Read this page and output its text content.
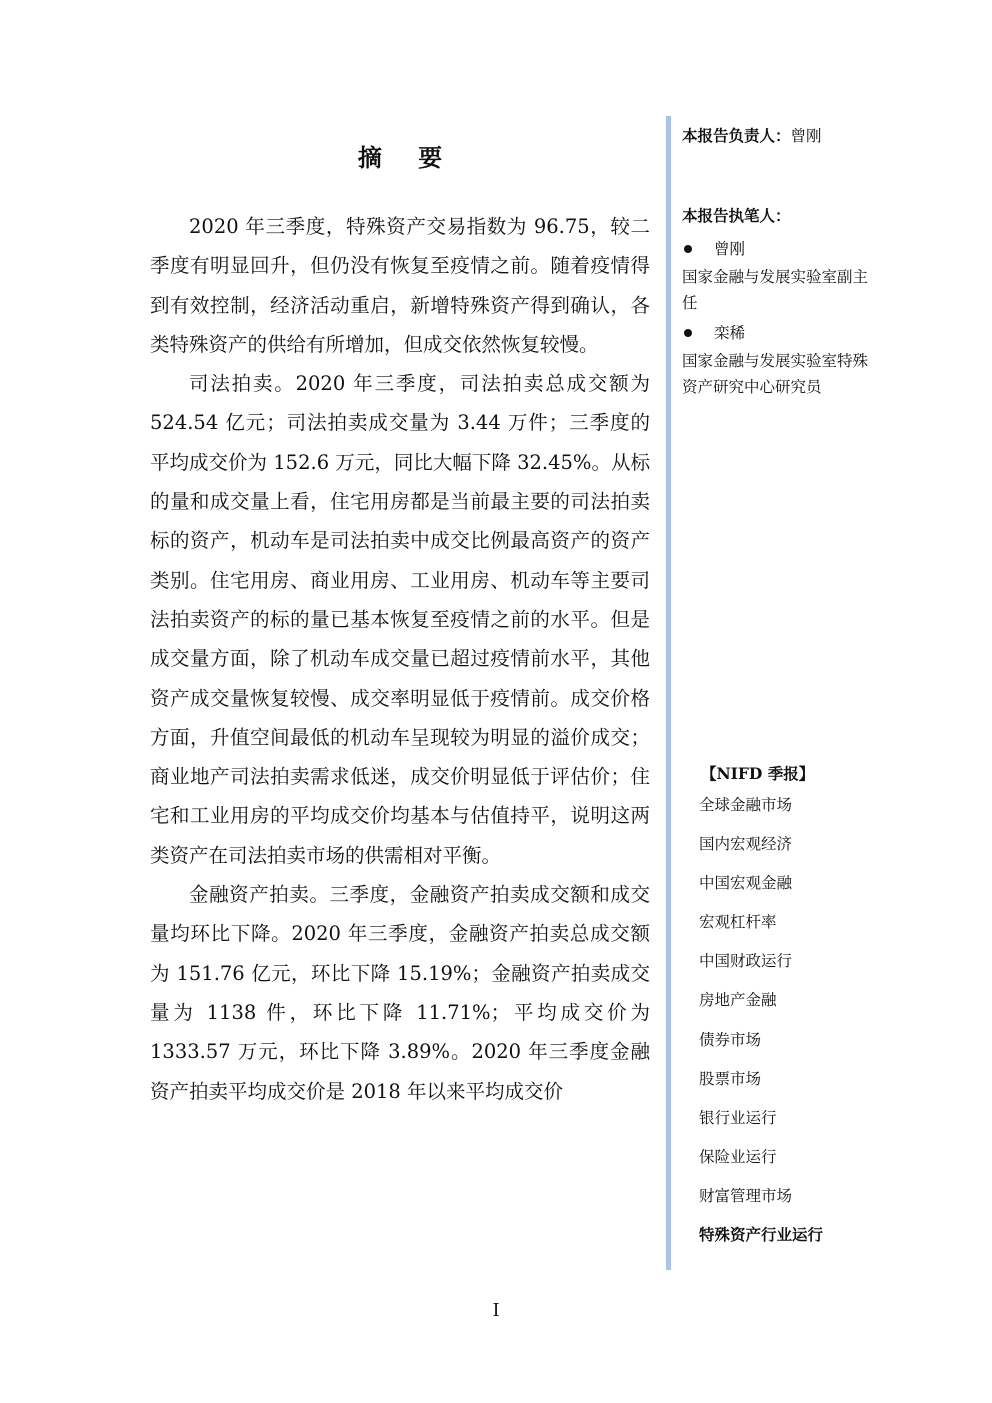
摘 要

2020 年三季度，特殊资产交易指数为 96.75，较二季度有明显回升，但仍没有恢复至疫情之前。随着疫情得到有效控制，经济活动重启，新增特殊资产得到确认，各类特殊资产的供给有所增加，但成交依然恢复较慢。

司法拍卖。2020 年三季度，司法拍卖总成交额为 524.54 亿元；司法拍卖成交量为 3.44 万件；三季度的平均成交价为 152.6 万元，同比大幅下降 32.45%。从标的量和成交量上看，住宅用房都是当前最主要的司法拍卖标的资产，机动车是司法拍卖中成交比例最高资产的资产类别。住宅用房、商业用房、工业用房、机动车等主要司法拍卖资产的标的量已基本恢复至疫情之前的水平。但是成交量方面，除了机动车成交量已超过疫情前水平，其他资产成交量恢复较慢、成交率明显低于疫情前。成交价格方面，升值空间最低的机动车呈现较为明显的溢价成交；商业地产司法拍卖需求低迷，成交价明显低于评估价；住宅和工业用房的平均成交价均基本与估值持平，说明这两类资产在司法拍卖市场的供需相对平衡。

金融资产拍卖。三季度，金融资产拍卖成交额和成交量均环比下降。2020 年三季度，金融资产拍卖总成交额为 151.76 亿元，环比下降 15.19%；金融资产拍卖成交量为 1138 件，环比下降 11.71%；平均成交价为 1333.57 万元，环比下降 3.89%。2020 年三季度金融资产拍卖平均成交价是 2018 年以来平均成交价

本报告负责人：曾刚
本报告执笔人：
曾刚
国家金融与发展实验室副主任
栾稀
国家金融与发展实验室特殊资产研究中心研究员
【NIFD 季报】
全球金融市场
国内宏观经济
中国宏观金融
宏观杠杆率
中国财政运行
房地产金融
债券市场
股票市场
银行业运行
保险业运行
财富管理市场
特殊资产行业运行
I
